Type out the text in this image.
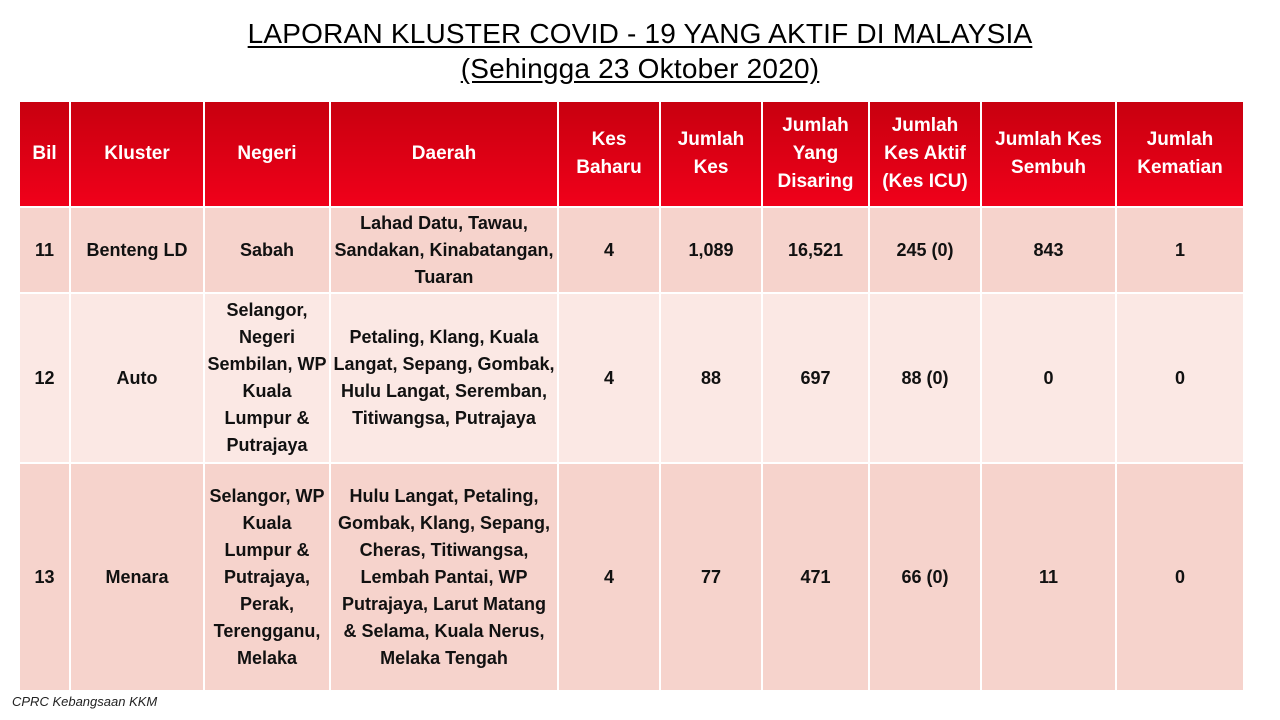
LAPORAN KLUSTER COVID - 19 YANG AKTIF DI MALAYSIA
(Sehingga 23 Oktober 2020)
Bil	Kluster	Negeri	Daerah	Kes Baharu	Jumlah Kes	Jumlah Yang Disaring	Jumlah Kes Aktif (Kes ICU)	Jumlah Kes Sembuh	Jumlah Kematian
11	Benteng LD	Sabah	Lahad Datu, Tawau, Sandakan, Kinabatangan, Tuaran	4	1,089	16,521	245 (0)	843	1
12	Auto	Selangor, Negeri Sembilan, WP Kuala Lumpur & Putrajaya	Petaling, Klang, Kuala Langat, Sepang, Gombak, Hulu Langat, Seremban, Titiwangsa, Putrajaya	4	88	697	88 (0)	0	0
13	Menara	Selangor, WP Kuala Lumpur & Putrajaya, Perak, Terengganu, Melaka	Hulu Langat, Petaling, Gombak, Klang, Sepang, Cheras, Titiwangsa, Lembah Pantai, WP Putrajaya, Larut Matang & Selama, Kuala Nerus, Melaka Tengah	4	77	471	66 (0)	11	0
CPRC Kebangsaan KKM
